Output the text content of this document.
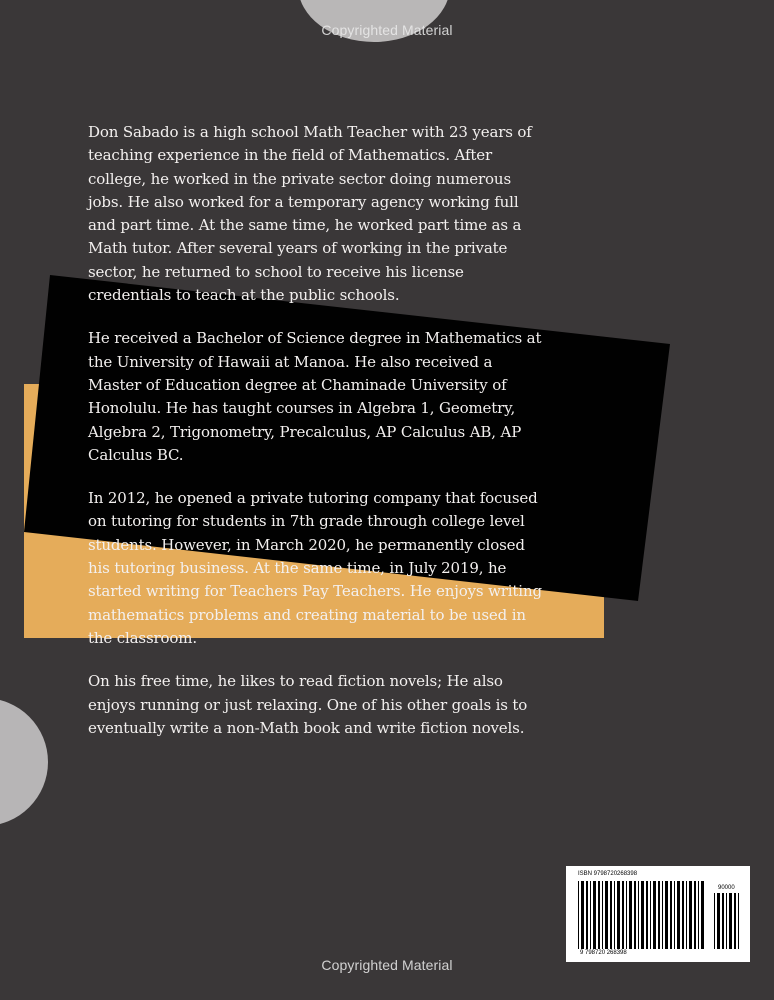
Copyrighted Material

Don Sabado is a high school Math Teacher with 23 years of teaching experience in the field of Mathematics. After college, he worked in the private sector doing numerous jobs. He also worked for a temporary agency working full and part time. At the same time, he worked part time as a Math tutor. After several years of working in the private sector, he returned to school to receive his license credentials to teach at the public schools.

He received a Bachelor of Science degree in Mathematics at the University of Hawaii at Manoa. He also received a Master of Education degree at Chaminade University of Honolulu. He has taught courses in Algebra 1, Geometry, Algebra 2, Trigonometry, Precalculus, AP Calculus AB, AP Calculus BC.

In 2012, he opened a private tutoring company that focused on tutoring for students in 7th grade through college level students. However, in March 2020, he permanently closed his tutoring business. At the same time, in July 2019, he started writing for Teachers Pay Teachers. He enjoys writing mathematics problems and creating material to be used in the classroom.

On his free time, he likes to read fiction novels; He also enjoys running or just relaxing. One of his other goals is to eventually write a non-Math book and write fiction novels.

ISBN 9798720268398
90000
9 798720 268398
Copyrighted Material
